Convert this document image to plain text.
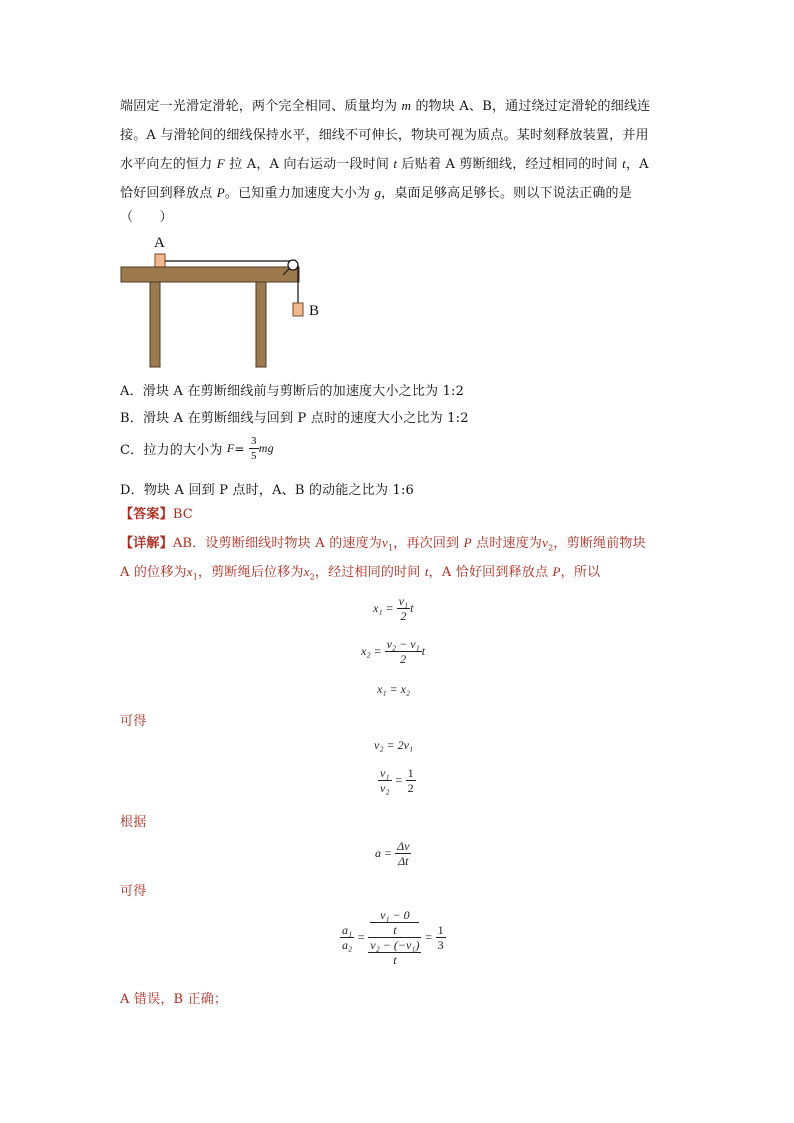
端固定一光滑定滑轮，两个完全相同、质量均为 m 的物块 A、B，通过绕过定滑轮的细线连
接。A 与滑轮间的细线保持水平，细线不可伸长，物块可视为质点。某时刻释放装置，并用
水平向左的恒力 F 拉 A，A 向右运动一段时间 t 后贴着 A 剪断细线，经过相同的时间 t，A
恰好回到释放点 P。已知重力加速度大小为 g，桌面足够高足够长。则以下说法正确的是
（　　）
A
B
A．滑块 A 在剪断细线前与剪断后的加速度大小之比为 1:2
B．滑块 A 在剪断细线与回到 P 点时的速度大小之比为 1:2
C．拉力的大小为 $F= \frac{3}{5}$ mg
D．物块 A 回到 P 点时，A、B 的动能之比为 1:6
【答案】BC
【详解】AB．设剪断细线时物块 A 的速度为$v_1$，再次回到 P 点时速度为$v_2$，剪断绳前物块
A 的位移为$x_1$，剪断绳后位移为$x_2$，经过相同的时间 t，A 恰好回到释放点 P，所以
$x_1 = \frac{\text{v₁}}{2}$ t
$x_2 = \frac{\text{v₂ − v₁}}{2}$ t
x₁ = x₂
可得
v₂ = 2v₁
$\frac{\text{v₁}}{\text{v₂}} = \frac{1}{2}$
根据
$a = \frac{\Delta v}{\Delta t}$
可得
$\frac{\text{a₁}}{\text{a₂}} = v_1 - 0$
t
v₂ − (−v₁)
$t = \frac{1}{3}$
A 错误，B 正确；
